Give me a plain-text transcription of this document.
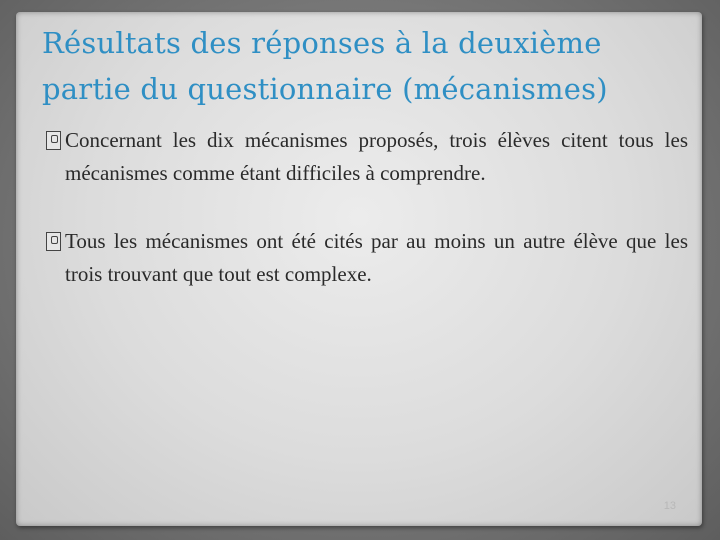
Résultats des réponses à la deuxième partie du questionnaire (mécanismes)
Concernant les dix mécanismes proposés, trois élèves citent tous les mécanismes comme étant difficiles à comprendre.
Tous les mécanismes ont été cités par au moins un autre élève que les trois trouvant que tout est complexe.
13
